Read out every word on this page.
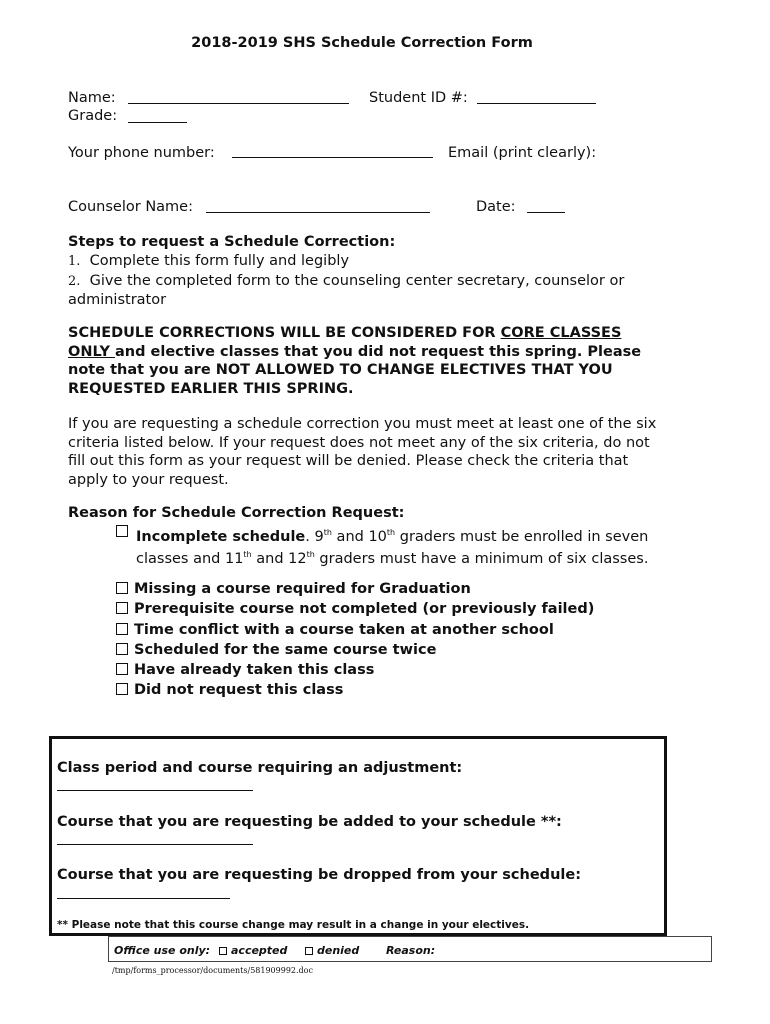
2018-2019 SHS Schedule Correction Form
Name:	Student ID #:
Grade:
Your phone number:	Email (print clearly):
Counselor Name:	Date:
Steps to request a Schedule Correction:
1. Complete this form fully and legibly
2. Give the completed form to the counseling center secretary, counselor or administrator
SCHEDULE CORRECTIONS WILL BE CONSIDERED FOR CORE CLASSES ONLY and elective classes that you did not request this spring. Please note that you are NOT ALLOWED TO CHANGE ELECTIVES THAT YOU REQUESTED EARLIER THIS SPRING.
If you are requesting a schedule correction you must meet at least one of the six criteria listed below. If your request does not meet any of the six criteria, do not fill out this form as your request will be denied. Please check the criteria that apply to your request.
Reason for Schedule Correction Request:
Incomplete schedule. 9th and 10th graders must be enrolled in seven classes and 11th and 12th graders must have a minimum of six classes.
Missing a course required for Graduation
Prerequisite course not completed (or previously failed)
Time conflict with a course taken at another school
Scheduled for the same course twice
Have already taken this class
Did not request this class
Class period and course requiring an adjustment:
Course that you are requesting be added to your schedule **:
Course that you are requesting be dropped from your schedule:
** Please note that this course change may result in a change in your electives.
Office use only:	accepted	denied Reason:
/tmp/forms_processor/documents/581909992.doc
